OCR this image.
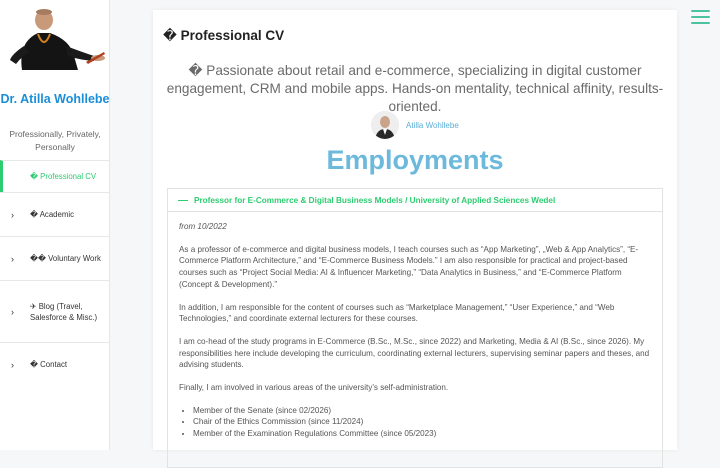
Dr. Atilla Wohllebe
Professionally, Privately, Personally
� Professional CV
› � Academic
› �� Voluntary Work
›
✈ Blog (Travel, Salesforce & Misc.)
› � Contact
� Professional CV
� Passionate about retail and e-commerce, specializing in digital customer engagement, CRM and mobile apps. Hands-on mentality, technical affinity, results-oriented.
Atilla Wohllebe
Employments
— Professor for E-Commerce & Digital Business Models / University of Applied Sciences Wedel
from 10/2022

As a professor of e-commerce and digital business models, I teach courses such as “App Marketing”, „Web & App Analytics”, “E-Commerce Platform Architecture,” and “E-Commerce Business Models.” I am also responsible for practical and project-based courses such as “Project Social Media: AI & Influencer Marketing,” “Data Analytics in Business,” and “E-Commerce Platform (Concept & Development).”

In addition, I am responsible for the content of courses such as “Marketplace Management,” “User Experience,” and “Web Technologies,” and coordinate external lecturers for these courses.

I am co-head of the study programs in E-Commerce (B.Sc., M.Sc., since 2022) and Marketing, Media & AI (B.Sc., since 2026). My responsibilities here include developing the curriculum, coordinating external lecturers, supervising seminar papers and theses, and advising students.

Finally, I am involved in various areas of the university’s self-administration.

• Member of the Senate (since 02/2026)
• Chair of the Ethics Commission (since 11/2024)
• Member of the Examination Regulations Committee (since 05/2023)
